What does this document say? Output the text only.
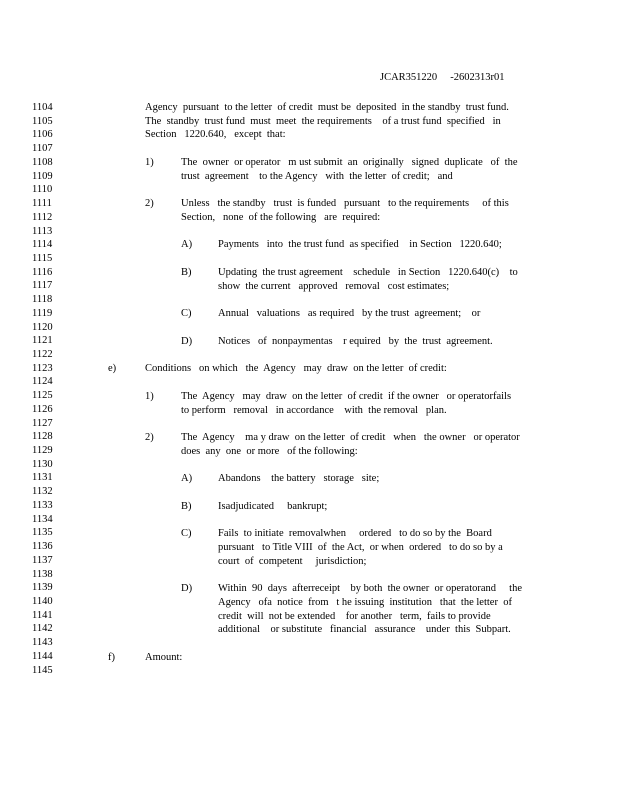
JCAR351220     -2602313r01
1104
1105
1106
1107
1108
1109
1110
1111
1112
1113
1114
1115
1116
1117
1118
1119
1120
1121
1122
1123
1124
1125
1126
1127
1128
1129
1130
1131
1132
1133
1134
1135
1136
1137
1138
1139
1140
1141
1142
1143
1144
1145
Agency  pursuant  to the letter  of credit  must be  deposited  in the standby  trust fund.
The  standby  trust fund  must  meet  the requirements    of a trust fund  specified   in
Section   1220.640,   except  that:
1)	The  owner  or operator   m ust submit  an  originally   signed  duplicate   of  the
trust  agreement    to the Agency   with  the letter  of credit;   and
2)	Unless   the standby   trust  is funded   pursuant   to the requirements     of this
Section,   none  of the following   are  required:
A) Payments   into  the trust fund  as specified    in Section   1220.640;
B)	Updating  the trust agreement    schedule   in Section   1220.640(c)    to
show  the current   approved   removal   cost estimates;
C)	Annual   valuations   as required   by the trust  agreement;    or
D) Notices   of  nonpaymentas    r equired   by  the  trust  agreement.
e)	Conditions   on which   the  Agency   may  draw  on the letter  of credit:
1)	The  Agency   may  draw  on the letter  of credit  if the owner   or operatorfails
to perform   removal   in accordance    with  the removal   plan.
2)	The  Agency    ma y draw  on the letter  of credit   when   the owner   or operator
does  any  one  or more   of the following:
A) Abandons    the battery   storage   site;
B)	Isadjudicated     bankrupt;
C)	Fails  to initiate  removalwhen     ordered   to do so by the  Board
pursuant   to Title VIII  of  the Act,  or when  ordered   to do so by a
court  of  competent     jurisdiction;
D) Within  90  days  afterreceipt    by both  the owner  or operatorand     the
Agency   ofa  notice  from   t he issuing  institution   that  the letter  of
credit  will  not be extended    for another   term,  fails to provide
additional    or substitute   financial   assurance    under  this  Subpart.
f)	Amount:
